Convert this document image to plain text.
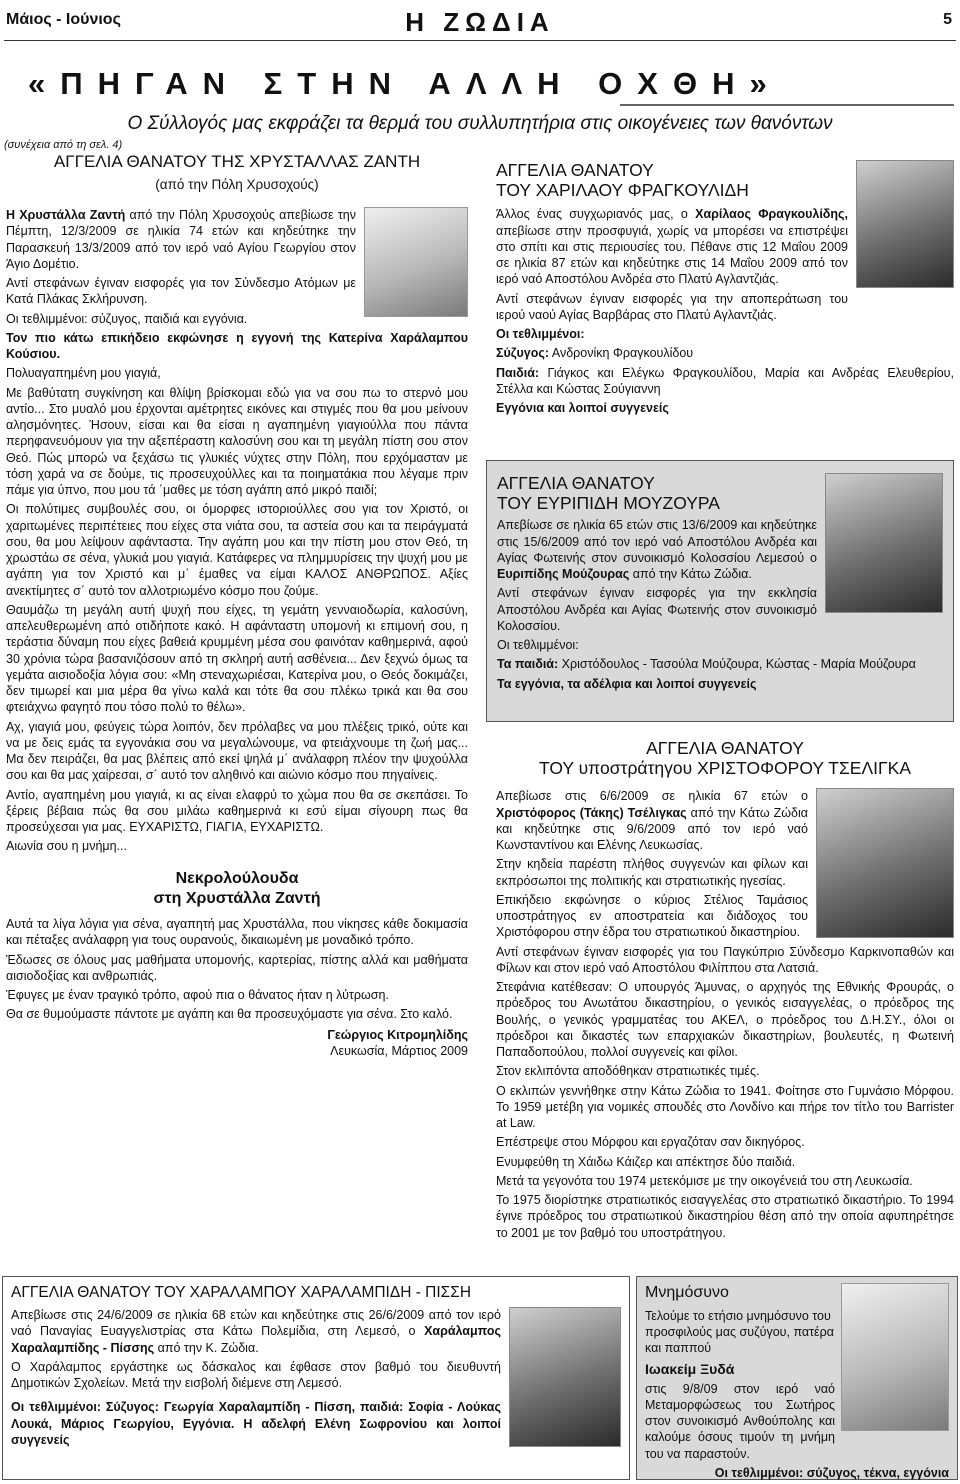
Μάιος - Ιούνιος	Η ΖΩΔΙΑ	5
«ΠΗΓΑΝ ΣΤΗΝ ΑΛΛΗ ΟΧΘΗ»
Ο Σύλλογός μας εκφράζει τα θερμά του συλλυπητήρια στις οικογένειες των θανόντων
(συνέχεια από τη σελ. 4)
ΑΓΓΕΛΙΑ ΘΑΝΑΤΟΥ ΤΗΣ ΧΡΥΣΤΑΛΛΑΣ ΖΑΝΤΗ
(από την Πόλη Χρυσοχούς)

Η Χρυστάλλα Ζαντή από την Πόλη Χρυσοχούς απεβίωσε την Πέμπτη, 12/3/2009 σε ηλικία 74 ετών και κηδεύτηκε την Παρασκευή 13/3/2009 από τον ιερό ναό Αγίου Γεωργίου στον Άγιο Δομέτιο.

Αντί στεφάνων έγιναν εισφορές για τον Σύνδεσμο Ατόμων με Κατά Πλάκας Σκλήρυνση.

Οι τεθλιμμένοι: σύζυγος, παιδιά και εγγόνια.

Τον πιο κάτω επικήδειο εκφώνησε η εγγονή της Κατερίνα Χαράλαμπου Κούσιου.

Πολυαγαπημένη μου γιαγιά,

Με βαθύτατη συγκίνηση και θλίψη βρίσκομαι εδώ για να σου πω το στερνό μου αντίο... Στο μυαλό μου έρχονται αμέτρητες εικόνες και στιγμές που θα μου μείνουν αλησμόνητες. Ήσουν, είσαι και θα είσαι η αγαπημένη γιαγιούλλα που πάντα περηφανευόμουν για την αξεπέραστη καλοσύνη σου και τη μεγάλη πίστη σου στον Θεό. Πώς μπορώ να ξεχάσω τις γλυκιές νύχτες στην Πόλη, που ερχόμασταν με τόση χαρά να σε δούμε, τις προσευχούλλες και τα ποιηματάκια που λέγαμε πριν πάμε για ύπνο, που μου τά ΄μαθες με τόση αγάπη από μικρό παιδί;

Οι πολύτιμες συμβουλές σου, οι όμορφες ιστοριούλλες σου για τον Χριστό, οι χαριτωμένες περιπέτειες που είχες στα νιάτα σου, τα αστεία σου και τα πειράγματά σου, θα μου λείψουν αφάνταστα. Την αγάπη μου και την πίστη μου στον Θεό, τη χρωστάω σε σένα, γλυκιά μου γιαγιά. Κατάφερες να πλημμυρίσεις την ψυχή μου με αγάπη για τον Χριστό και μ΄ έμαθες να είμαι ΚΑΛΟΣ ΑΝΘΡΩΠΟΣ. Αξίες ανεκτίμητες σ΄ αυτό τον αλλοτριωμένο κόσμο που ζούμε.

Θαυμάζω τη μεγάλη αυτή ψυχή που είχες, τη γεμάτη γενναιοδωρία, καλοσύνη, απελευθερωμένη από οτιδήποτε κακό. Η αφάνταστη υπομονή κι επιμονή σου, η τεράστια δύναμη που είχες βαθειά κρυμμένη μέσα σου φαινόταν καθημερινά, αφού 30 χρόνια τώρα βασανιζόσουν από τη σκληρή αυτή ασθένεια... Δεν ξεχνώ όμως τα γεμάτα αισιοδοξία λόγια σου: «Μη στεναχωριέσαι, Κατερίνα μου, ο Θεός δοκιμάζει, δεν τιμωρεί και μια μέρα θα γίνω καλά και τότε θα σου πλέκω τρικά και θα σου φτειάχνω φαγητό που τόσο πολύ το θέλω».

Αχ, γιαγιά μου, φεύγεις τώρα λοιπόν, δεν πρόλαβες να μου πλέξεις τρικό, ούτε και να με δεις εμάς τα εγγονάκια σου να μεγαλώνουμε, να φτειάχνουμε τη ζωή μας... Μα δεν πειράζει, θα μας βλέπεις από εκεί ψηλά μ΄ ανάλαφρη πλέον την ψυχούλλα σου και θα μας χαίρεσαι, σ΄ αυτό τον αληθινό και αιώνιο κόσμο που πηγαίνεις.

Αντίο, αγαπημένη μου γιαγιά, κι ας είναι ελαφρύ το χώμα που θα σε σκεπάσει. Το ξέρεις βέβαια πώς θα σου μιλάω καθημερινά κι εσύ είμαι σίγουρη πως θα προσεύχεσαι για μας. ΕΥΧΑΡΙΣΤΩ, ΓΙΑΓΙΑ, ΕΥΧΑΡΙΣΤΩ.

Αιωνία σου η μνήμη...

Νεκρολούλουδα
στη Χρυστάλλα Ζαντή

Αυτά τα λίγα λόγια για σένα, αγαπητή μας Χρυστάλλα, που νίκησες κάθε δοκιμασία και πέταξες ανάλαφρη για τους ουρανούς, δικαιωμένη με μοναδικό τρόπο.

Έδωσες σε όλους μας μαθήματα υπομονής, καρτερίας, πίστης αλλά και μαθήματα αισιοδοξίας και ανθρωπιάς.

Έφυγες με έναν τραγικό τρόπο, αφού πια ο θάνατος ήταν η λύτρωση.

Θα σε θυμούμαστε πάντοτε με αγάπη και θα προσευχόμαστε για σένα. Στο καλό.

Γεώργιος Κιτρομηλίδης
Λευκωσία, Μάρτιος 2009
ΑΓΓΕΛΙΑ ΘΑΝΑΤΟΥ
ΤΟΥ ΧΑΡΙΛΑΟΥ ΦΡΑΓΚΟΥΛΙΔΗ

Άλλος ένας συγχωριανός μας, ο Χαρίλαος Φραγκουλίδης, απεβίωσε στην προσφυγιά, χωρίς να μπορέσει να επιστρέψει στο σπίτι και στις περιουσίες του. Πέθανε στις 12 Μαΐου 2009 σε ηλικία 87 ετών και κηδεύτηκε στις 14 Μαΐου 2009 από τον ιερό ναό Αποστόλου Ανδρέα στο Πλατύ Αγλαντζιάς.

Αντί στεφάνων έγιναν εισφορές για την αποπεράτωση του ιερού ναού Αγίας Βαρβάρας στο Πλατύ Αγλαντζιάς.

Οι τεθλιμμένοι:

Σύζυγος: Ανδρονίκη Φραγκουλίδου

Παιδιά: Γιάγκος και Ελέγκω Φραγκουλίδου, Μαρία και Ανδρέας Ελευθερίου, Στέλλα και Κώστας Σούγιαννη

Εγγόνια και λοιποί συγγενείς

ΑΓΓΕΛΙΑ ΘΑΝΑΤΟΥ
ΤΟΥ ΕΥΡΙΠΙΔΗ ΜΟΥΖΟΥΡΑ

Απεβίωσε σε ηλικία 65 ετών στις 13/6/2009 και κηδεύτηκε στις 15/6/2009 από τον ιερό ναό Αποστόλου Ανδρέα και Αγίας Φωτεινής στον συνοικισμό Κολοσσίου Λεμεσού ο Ευριπίδης Μούζουρας από την Κάτω Ζώδια.

Αντί στεφάνων έγιναν εισφορές για την εκκλησία Αποστόλου Ανδρέα και Αγίας Φωτεινής στον συνοικισμό Κολοσσίου.

Οι τεθλιμμένοι:

Τα παιδιά: Χριστόδουλος - Τασούλα Μούζουρα, Κώστας - Μαρία Μούζουρα

Τα εγγόνια, τα αδέλφια και λοιποί συγγενείς

ΑΓΓΕΛΙΑ ΘΑΝΑΤΟΥ
ΤΟΥ υποστράτηγου ΧΡΙΣΤΟΦΟΡΟΥ ΤΣΕΛΙΓΚΑ

Απεβίωσε στις 6/6/2009 σε ηλικία 67 ετών ο Χριστόφορος (Τάκης) Τσέλιγκας από την Κάτω Ζώδια και κηδεύτηκε στις 9/6/2009 από τον ιερό ναό Κωνσταντίνου και Ελένης Λευκωσίας.

Στην κηδεία παρέστη πλήθος συγγενών και φίλων και εκπρόσωποι της πολιτικής και στρατιωτικής ηγεσίας.

Επικήδειο εκφώνησε ο κύριος Στέλιος Ταμάσιος υποστράτηγος εν αποστρατεία και διάδοχος του Χριστόφορου στην έδρα του στρατιωτικού δικαστηρίου.

Αντί στεφάνων έγιναν εισφορές για του Παγκύπριο Σύνδεσμο Καρκινοπαθών και Φίλων και στον ιερό ναό Αποστόλου Φιλίππου στα Λατσιά.

Στεφάνια κατέθεσαν: Ο υπουργός Άμυνας, ο αρχηγός της Εθνικής Φρουράς, ο πρόεδρος του Ανωτάτου δικαστηρίου, ο γενικός εισαγγελέας, ο πρόεδρος της Βουλής, ο γενικός γραμματέας του ΑΚΕΛ, ο πρόεδρος του Δ.Η.ΣΥ., όλοι οι πρόεδροι και δικαστές των επαρχιακών δικαστηρίων, βουλευτές, η Φωτεινή Παπαδοπούλου, πολλοί συγγενείς και φίλοι.

Στον εκλιπόντα αποδόθηκαν στρατιωτικές τιμές.

Ο εκλιπών γεννήθηκε στην Κάτω Ζώδια το 1941. Φοίτησε στο Γυμνάσιο Μόρφου. Το 1959 μετέβη για νομικές σπουδές στο Λονδίνο και πήρε τον τίτλο του Barrister at Law.

Επέστρεψε στου Μόρφου και εργαζόταν σαν δικηγόρος.

Ενυμφεύθη τη Χάιδω Κάιζερ και απέκτησε δύο παιδιά.

Μετά τα γεγονότα του 1974 μετεκόμισε με την οικογένειά του στη Λευκωσία.

Το 1975 διορίστηκε στρατιωτικός εισαγγελέας στο στρατιωτικό δικαστήριο. Το 1994 έγινε πρόεδρος του στρατιωτικού δικαστηρίου θέση από την οποία αφυπηρέτησε το 2001 με τον βαθμό του υποστράτηγου.

ΑΓΓΕΛΙΑ ΘΑΝΑΤΟΥ ΤΟΥ ΧΑΡΑΛΑΜΠΟΥ ΧΑΡΑΛΑΜΠΙΔΗ - ΠΙΣΣΗ

Απεβίωσε στις 24/6/2009 σε ηλικία 68 ετών και κηδεύτηκε στις 26/6/2009 από τον ιερό ναό Παναγίας Ευαγγελιστρίας στα Κάτω Πολεμίδια, στη Λεμεσό, ο Χαράλαμπος Χαραλαμπίδης - Πίσσης από την Κ. Ζώδια.

Ο Χαράλαμπος εργάστηκε ως δάσκαλος και έφθασε στον βαθμό του διευθυντή Δημοτικών Σχολείων. Μετά την εισβολή διέμενε στη Λεμεσό.

Οι τεθλιμμένοι: Σύζυγος: Γεωργία Χαραλαμπίδη - Πίσση, παιδιά: Σοφία - Λούκας Λουκά, Μάριος Γεωργίου, Εγγόνια. Η αδελφή Ελένη Σωφρονίου και λοιποί συγγενείς

Μνημόσυνο

Τελούμε το ετήσιο μνημόσυνο του προσφιλούς μας συζύγου, πατέρα και παππού

Ιωακείμ Ξυδά

στις 9/8/09 στον ιερό ναό Μεταμορφώσεως του Σωτήρος στον συνοικισμό Ανθούπολης και καλούμε όσους τιμούν τη μνήμη του να παραστούν.

Οι τεθλιμμένοι: σύζυγος, τέκνα, εγγόνια
